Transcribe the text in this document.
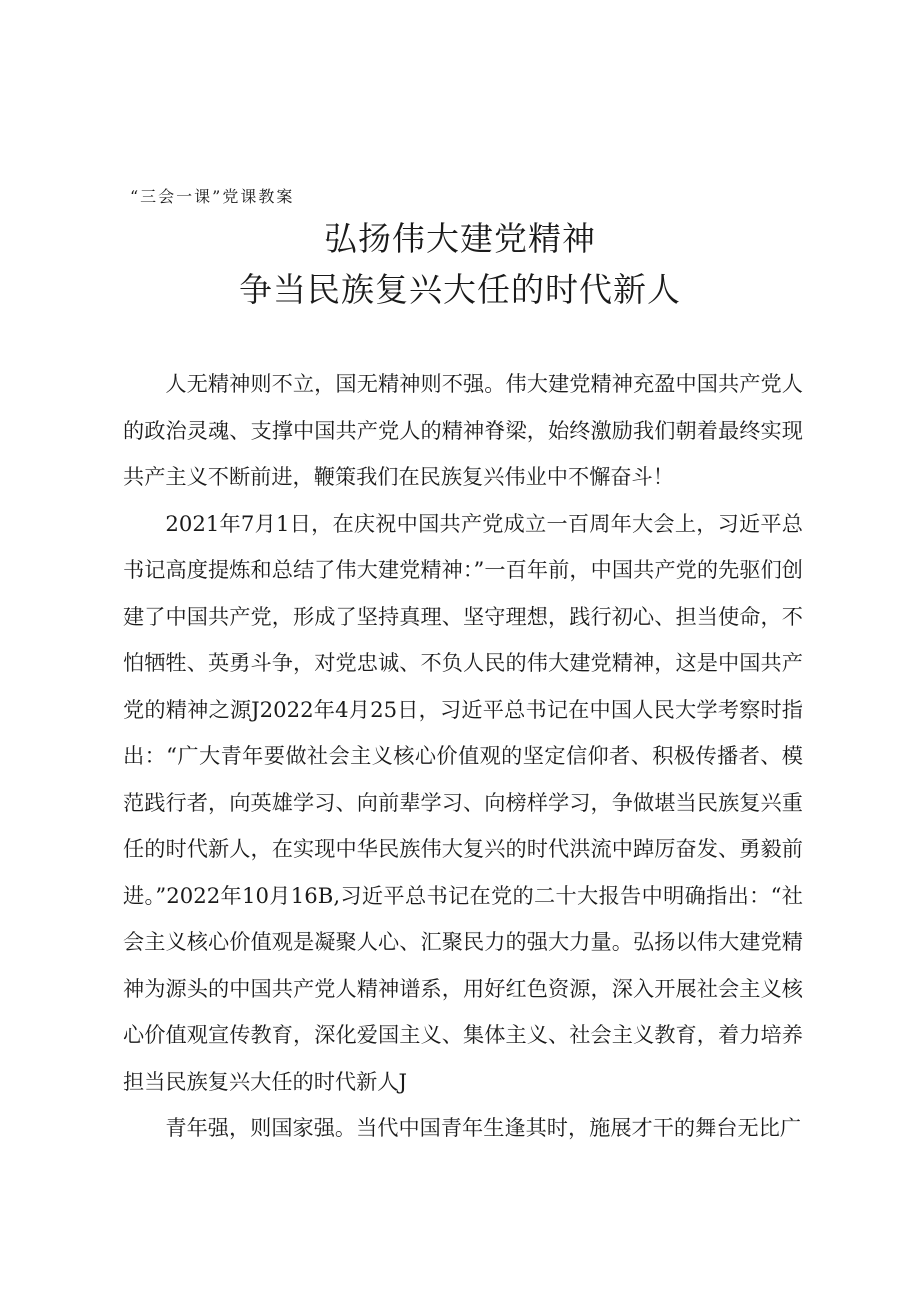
“三会一课”党课教案
弘扬伟大建党精神
争当民族复兴大任的时代新人

人无精神则不立，国无精神则不强。伟大建党精神充盈中国共产党人的政治灵魂、支撑中国共产党人的精神脊梁，始终激励我们朝着最终实现共产主义不断前进，鞭策我们在民族复兴伟业中不懈奋斗！

2021年7月1日，在庆祝中国共产党成立一百周年大会上，习近平总书记高度提炼和总结了伟大建党精神：”一百年前，中国共产党的先驱们创建了中国共产党，形成了坚持真理、坚守理想，践行初心、担当使命，不怕牺牲、英勇斗争，对党忠诚、不负人民的伟大建党精神，这是中国共产党的精神之源J2022年4月25日，习近平总书记在中国人民大学考察时指出：“广大青年要做社会主义核心价值观的坚定信仰者、积极传播者、模范践行者，向英雄学习、向前辈学习、向榜样学习，争做堪当民族复兴重任的时代新人，在实现中华民族伟大复兴的时代洪流中踔厉奋发、勇毅前进。”2022年10月16B,习近平总书记在党的二十大报告中明确指出：“社会主义核心价值观是凝聚人心、汇聚民力的强大力量。弘扬以伟大建党精神为源头的中国共产党人精神谱系，用好红色资源，深入开展社会主义核心价值观宣传教育，深化爱国主义、集体主义、社会主义教育，着力培养担当民族复兴大任的时代新人J

青年强，则国家强。当代中国青年生逢其时，施展才干的舞台无比广
